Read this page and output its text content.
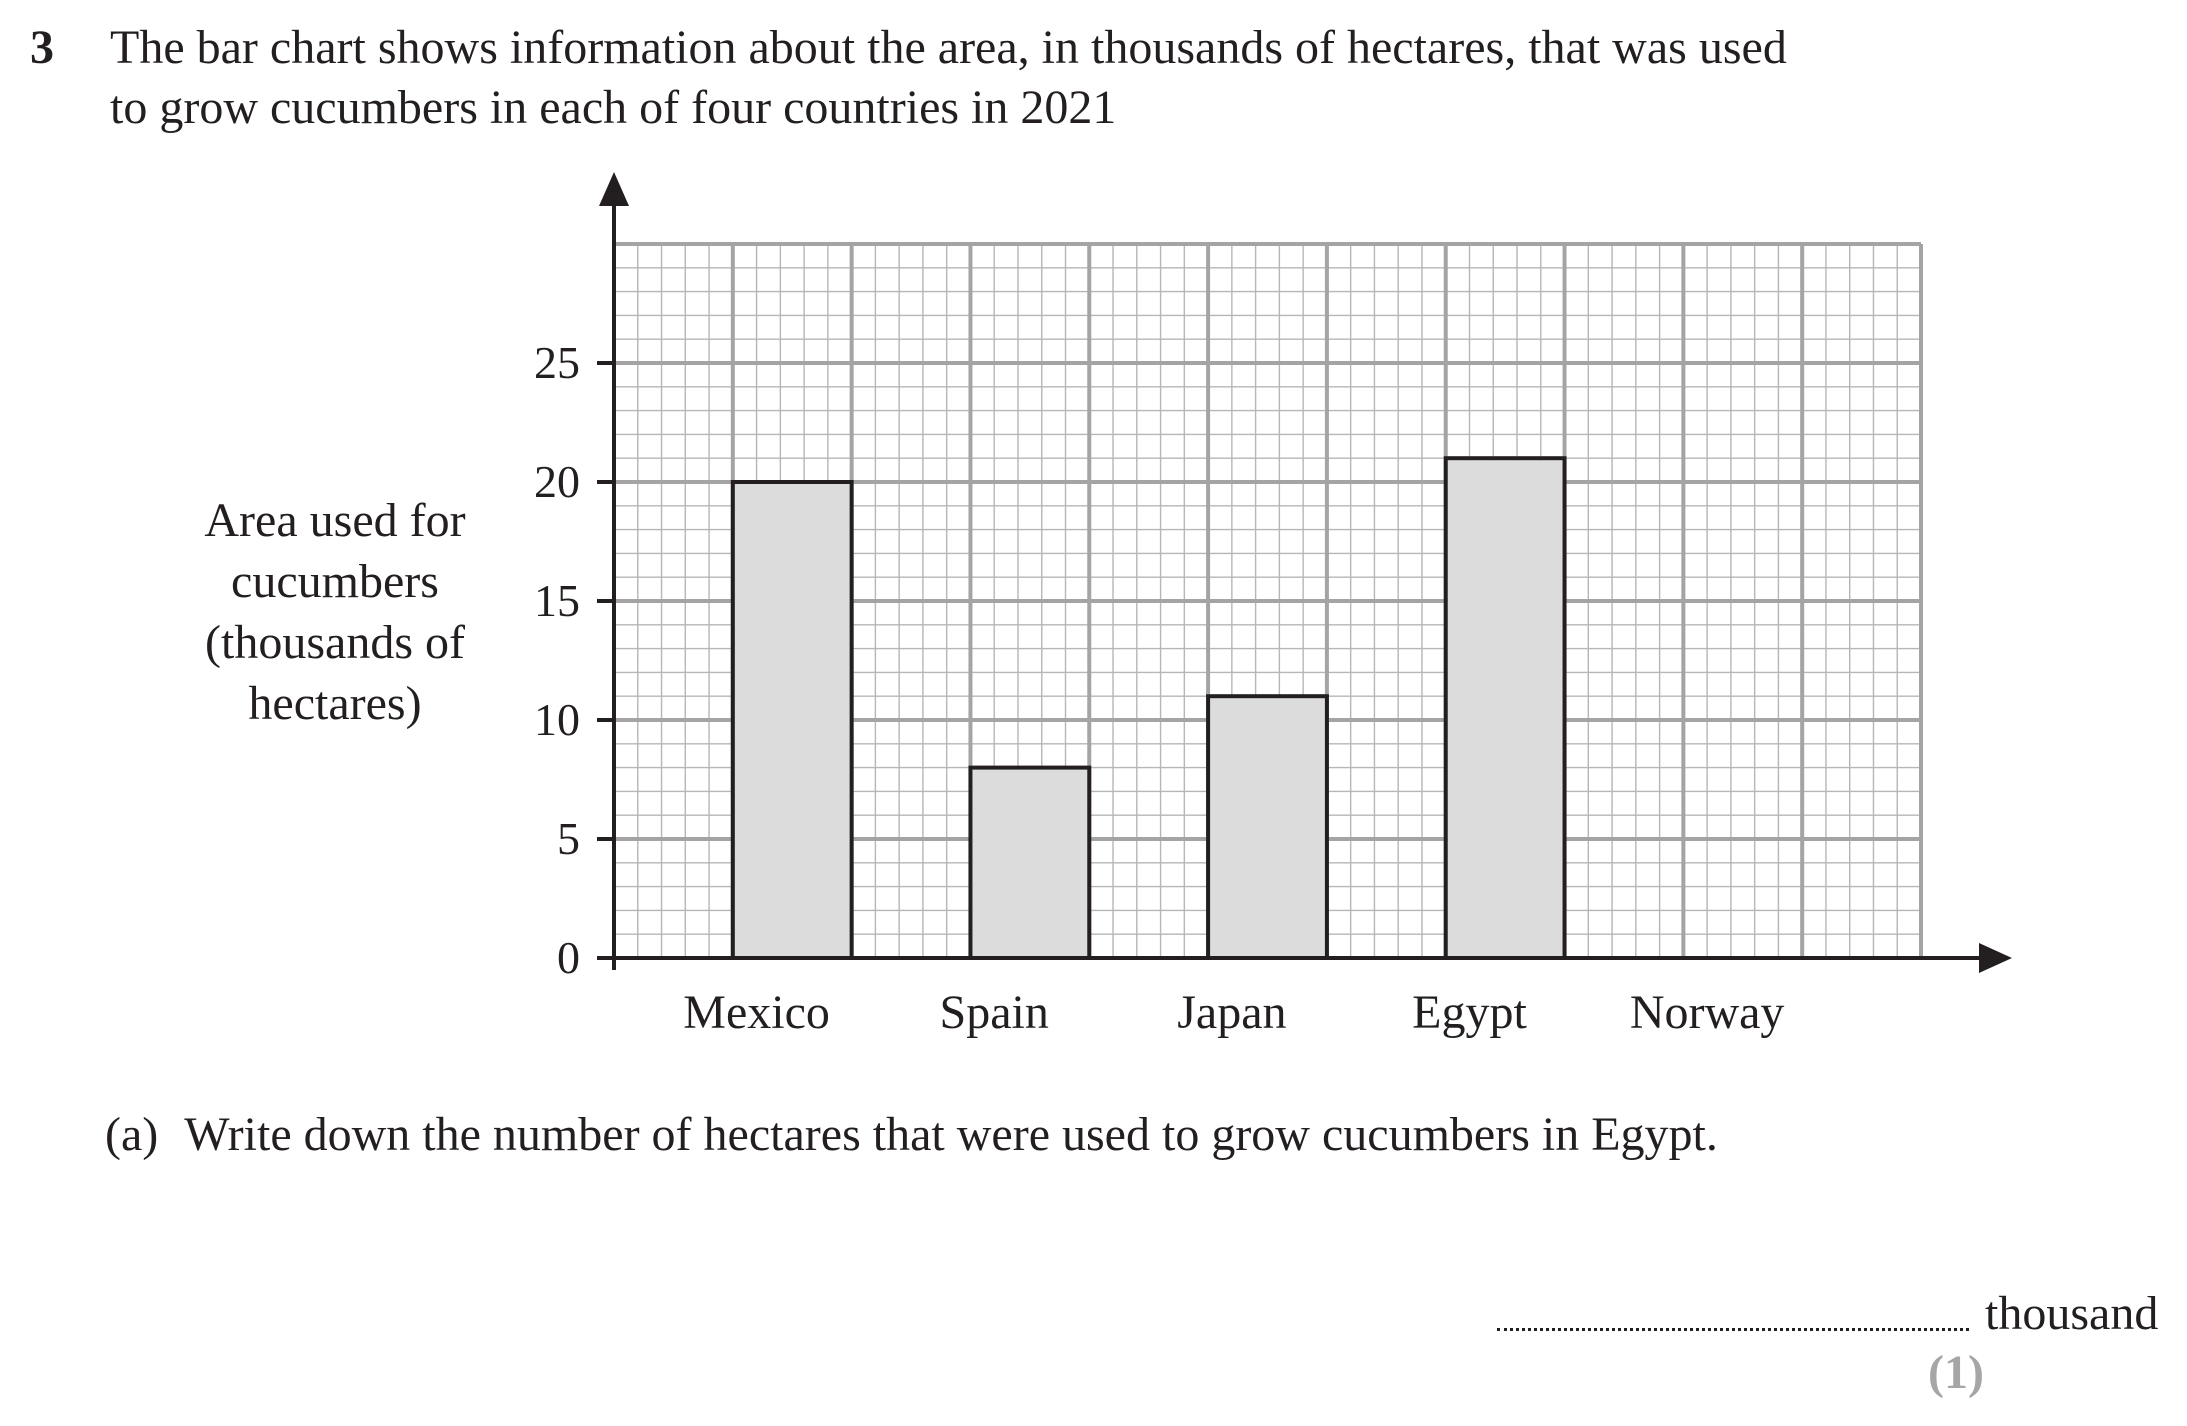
3 The bar chart shows information about the area, in thousands of hectares, that was used
to grow cucumbers in each of four countries in 2021
Area used for
cucumbers
(thousands of
hectares)
0
5
10
15
20
25
Mexico Spain	Japan	Egypt Norway
(a) Write down the number of hectares that were used to grow cucumbers in Egypt.
thousand
(1)
